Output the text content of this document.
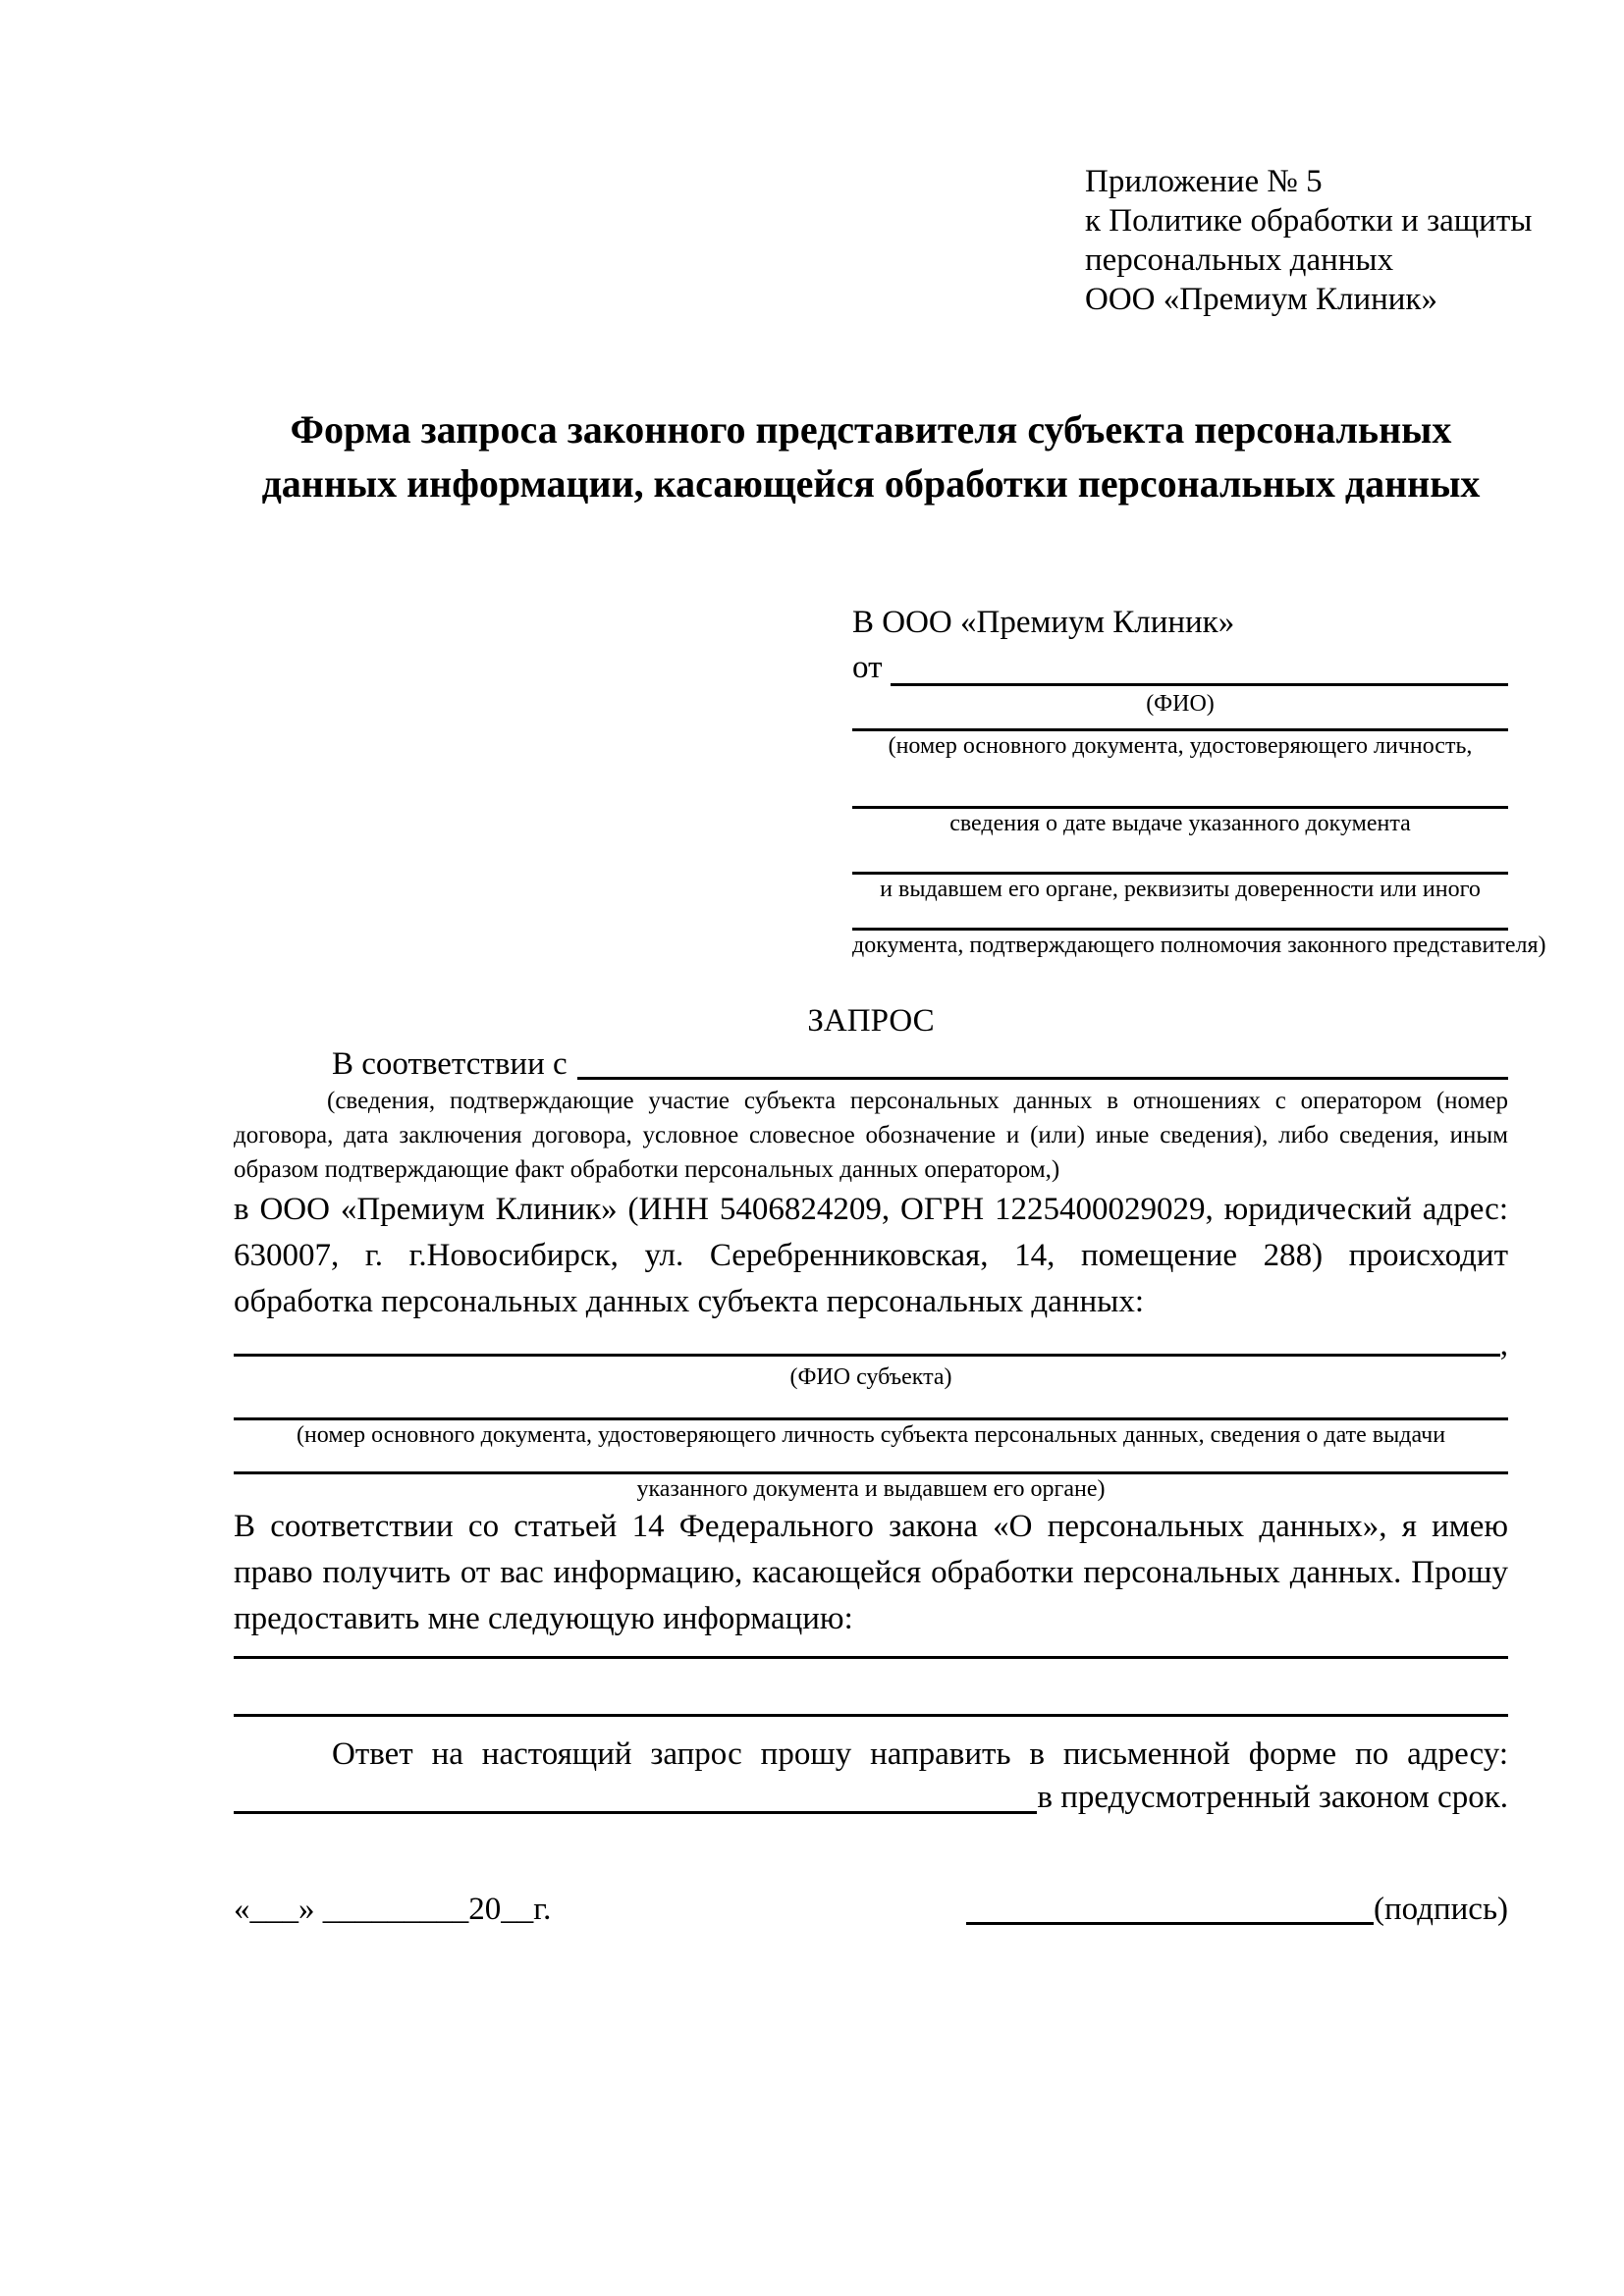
Приложение № 5
к Политике обработки и защиты
персональных данных
ООО «Премиум Клиник»
Форма запроса законного представителя субъекта персональных данных информации, касающейся обработки персональных данных
В ООО «Премиум Клиник»
от
(ФИО)
(номер основного документа, удостоверяющего личность,
сведения о дате выдаче указанного документа
и выдавшем его органе, реквизиты доверенности или иного
документа, подтверждающего полномочия законного представителя)
ЗАПРОС
В соответствии с
(сведения, подтверждающие участие субъекта персональных данных в отношениях с оператором (номер договора, дата заключения договора, условное словесное обозначение и (или) иные сведения), либо сведения, иным образом подтверждающие факт обработки персональных данных оператором,)

в ООО «Премиум Клиник» (ИНН 5406824209, ОГРН 1225400029029, юридический адрес: 630007, г. г.Новосибирск, ул. Серебренниковская, 14, помещение 288) происходит обработка персональных данных субъекта персональных данных:

,
(ФИО субъекта)
(номер основного документа, удостоверяющего личность субъекта персональных данных, сведения о дате выдачи
указанного документа и выдавшем его органе)

В соответствии со статьей 14 Федерального закона «О персональных данных», я имею право получить от вас информацию, касающейся обработки персональных данных. Прошу предоставить мне следующую информацию:

Ответ на настоящий запрос прошу направить в письменной форме по адресу:

в предусмотренный законом срок.
«___» _________20__г.	(подпись)
